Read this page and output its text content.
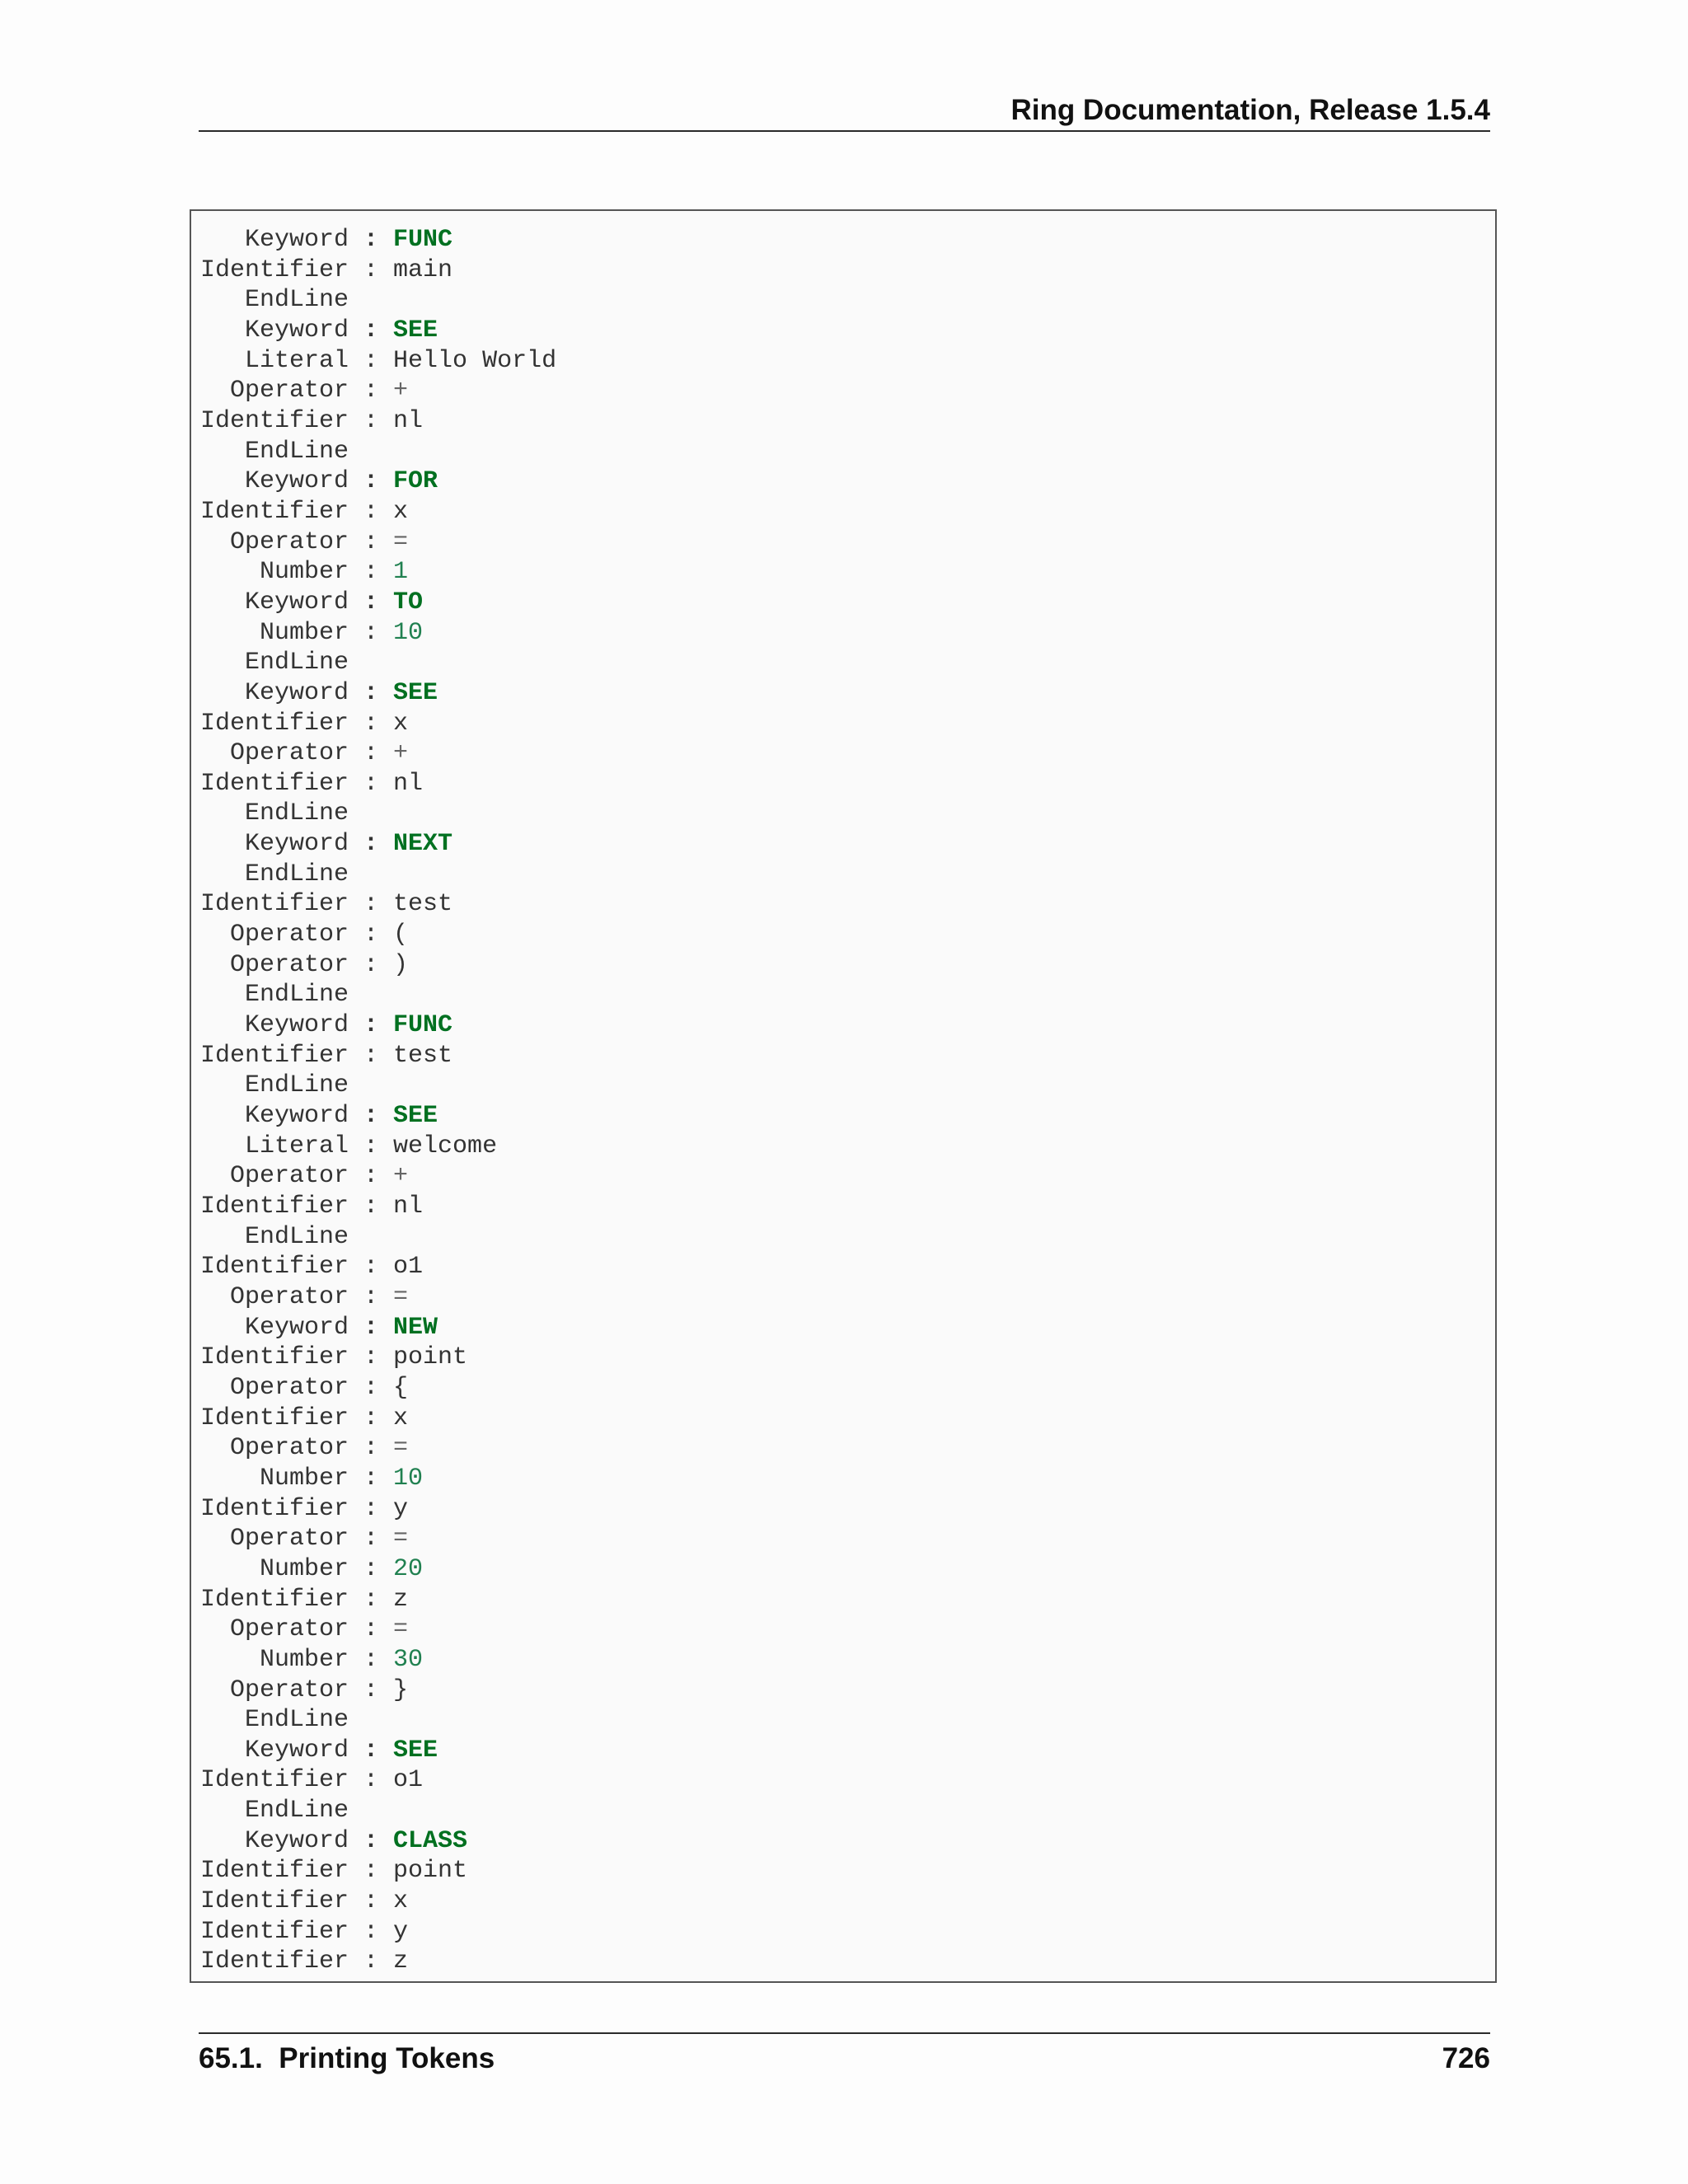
Ring Documentation, Release 1.5.4
Keyword : FUNC
Identifier : main
EndLine
Keyword : SEE
Literal : Hello World
Operator : +
Identifier : nl
EndLine
Keyword : FOR
Identifier : x
Operator : =
Number : 1
Keyword : TO
Number : 10
EndLine
Keyword : SEE
Identifier : x
Operator : +
Identifier : nl
EndLine
Keyword : NEXT
EndLine
Identifier : test
Operator : (
Operator : )
EndLine
Keyword : FUNC
Identifier : test
EndLine
Keyword : SEE
Literal : welcome
Operator : +
Identifier : nl
EndLine
Identifier : o1
Operator : =
Keyword : NEW
Identifier : point
Operator : {
Identifier : x
Operator : =
Number : 10
Identifier : y
Operator : =
Number : 20
Identifier : z
Operator : =
Number : 30
Operator : }
EndLine
Keyword : SEE
Identifier : o1
EndLine
Keyword : CLASS
Identifier : point
Identifier : x
Identifier : y
Identifier : z
65.1.  Printing Tokens	726
